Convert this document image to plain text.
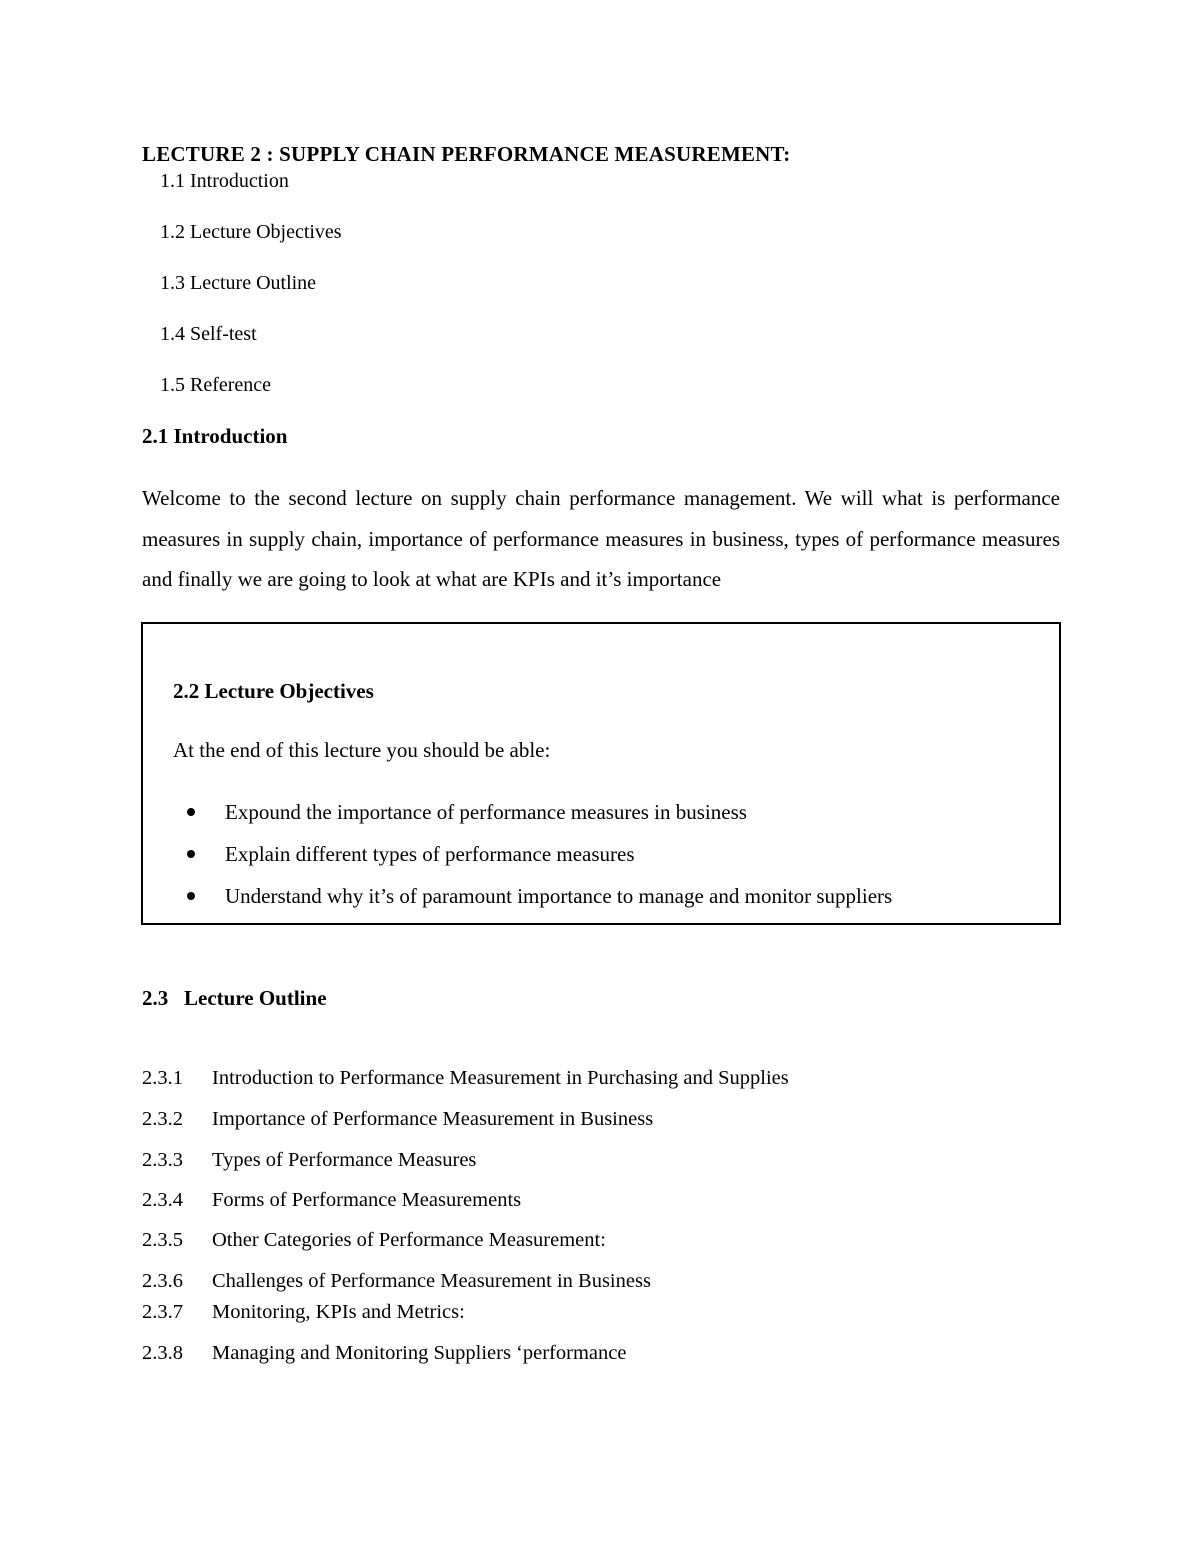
LECTURE 2 : SUPPLY CHAIN PERFORMANCE MEASUREMENT:
1.1 Introduction
1.2 Lecture Objectives
1.3 Lecture Outline
1.4 Self-test
1.5 Reference
2.1 Introduction
Welcome to the second lecture on supply chain performance management. We will what is performance measures in supply chain, importance of performance measures in business, types of performance measures and finally we are going to look at what are KPIs and it’s importance
2.2 Lecture Objectives
At the end of this lecture you should be able:
Expound the importance of performance measures in business
Explain different types of performance measures
Understand why it’s of paramount importance to manage and monitor suppliers
2.3   Lecture Outline
2.3.1 Introduction to Performance Measurement in Purchasing and Supplies
2.3.2 Importance of Performance Measurement in Business
2.3.3 Types of Performance Measures
2.3.4 Forms of Performance Measurements
2.3.5 Other Categories of Performance Measurement:
2.3.6 Challenges of Performance Measurement in Business
2.3.7 Monitoring, KPIs and Metrics:
2.3.8 Managing and Monitoring Suppliers ‘performance
